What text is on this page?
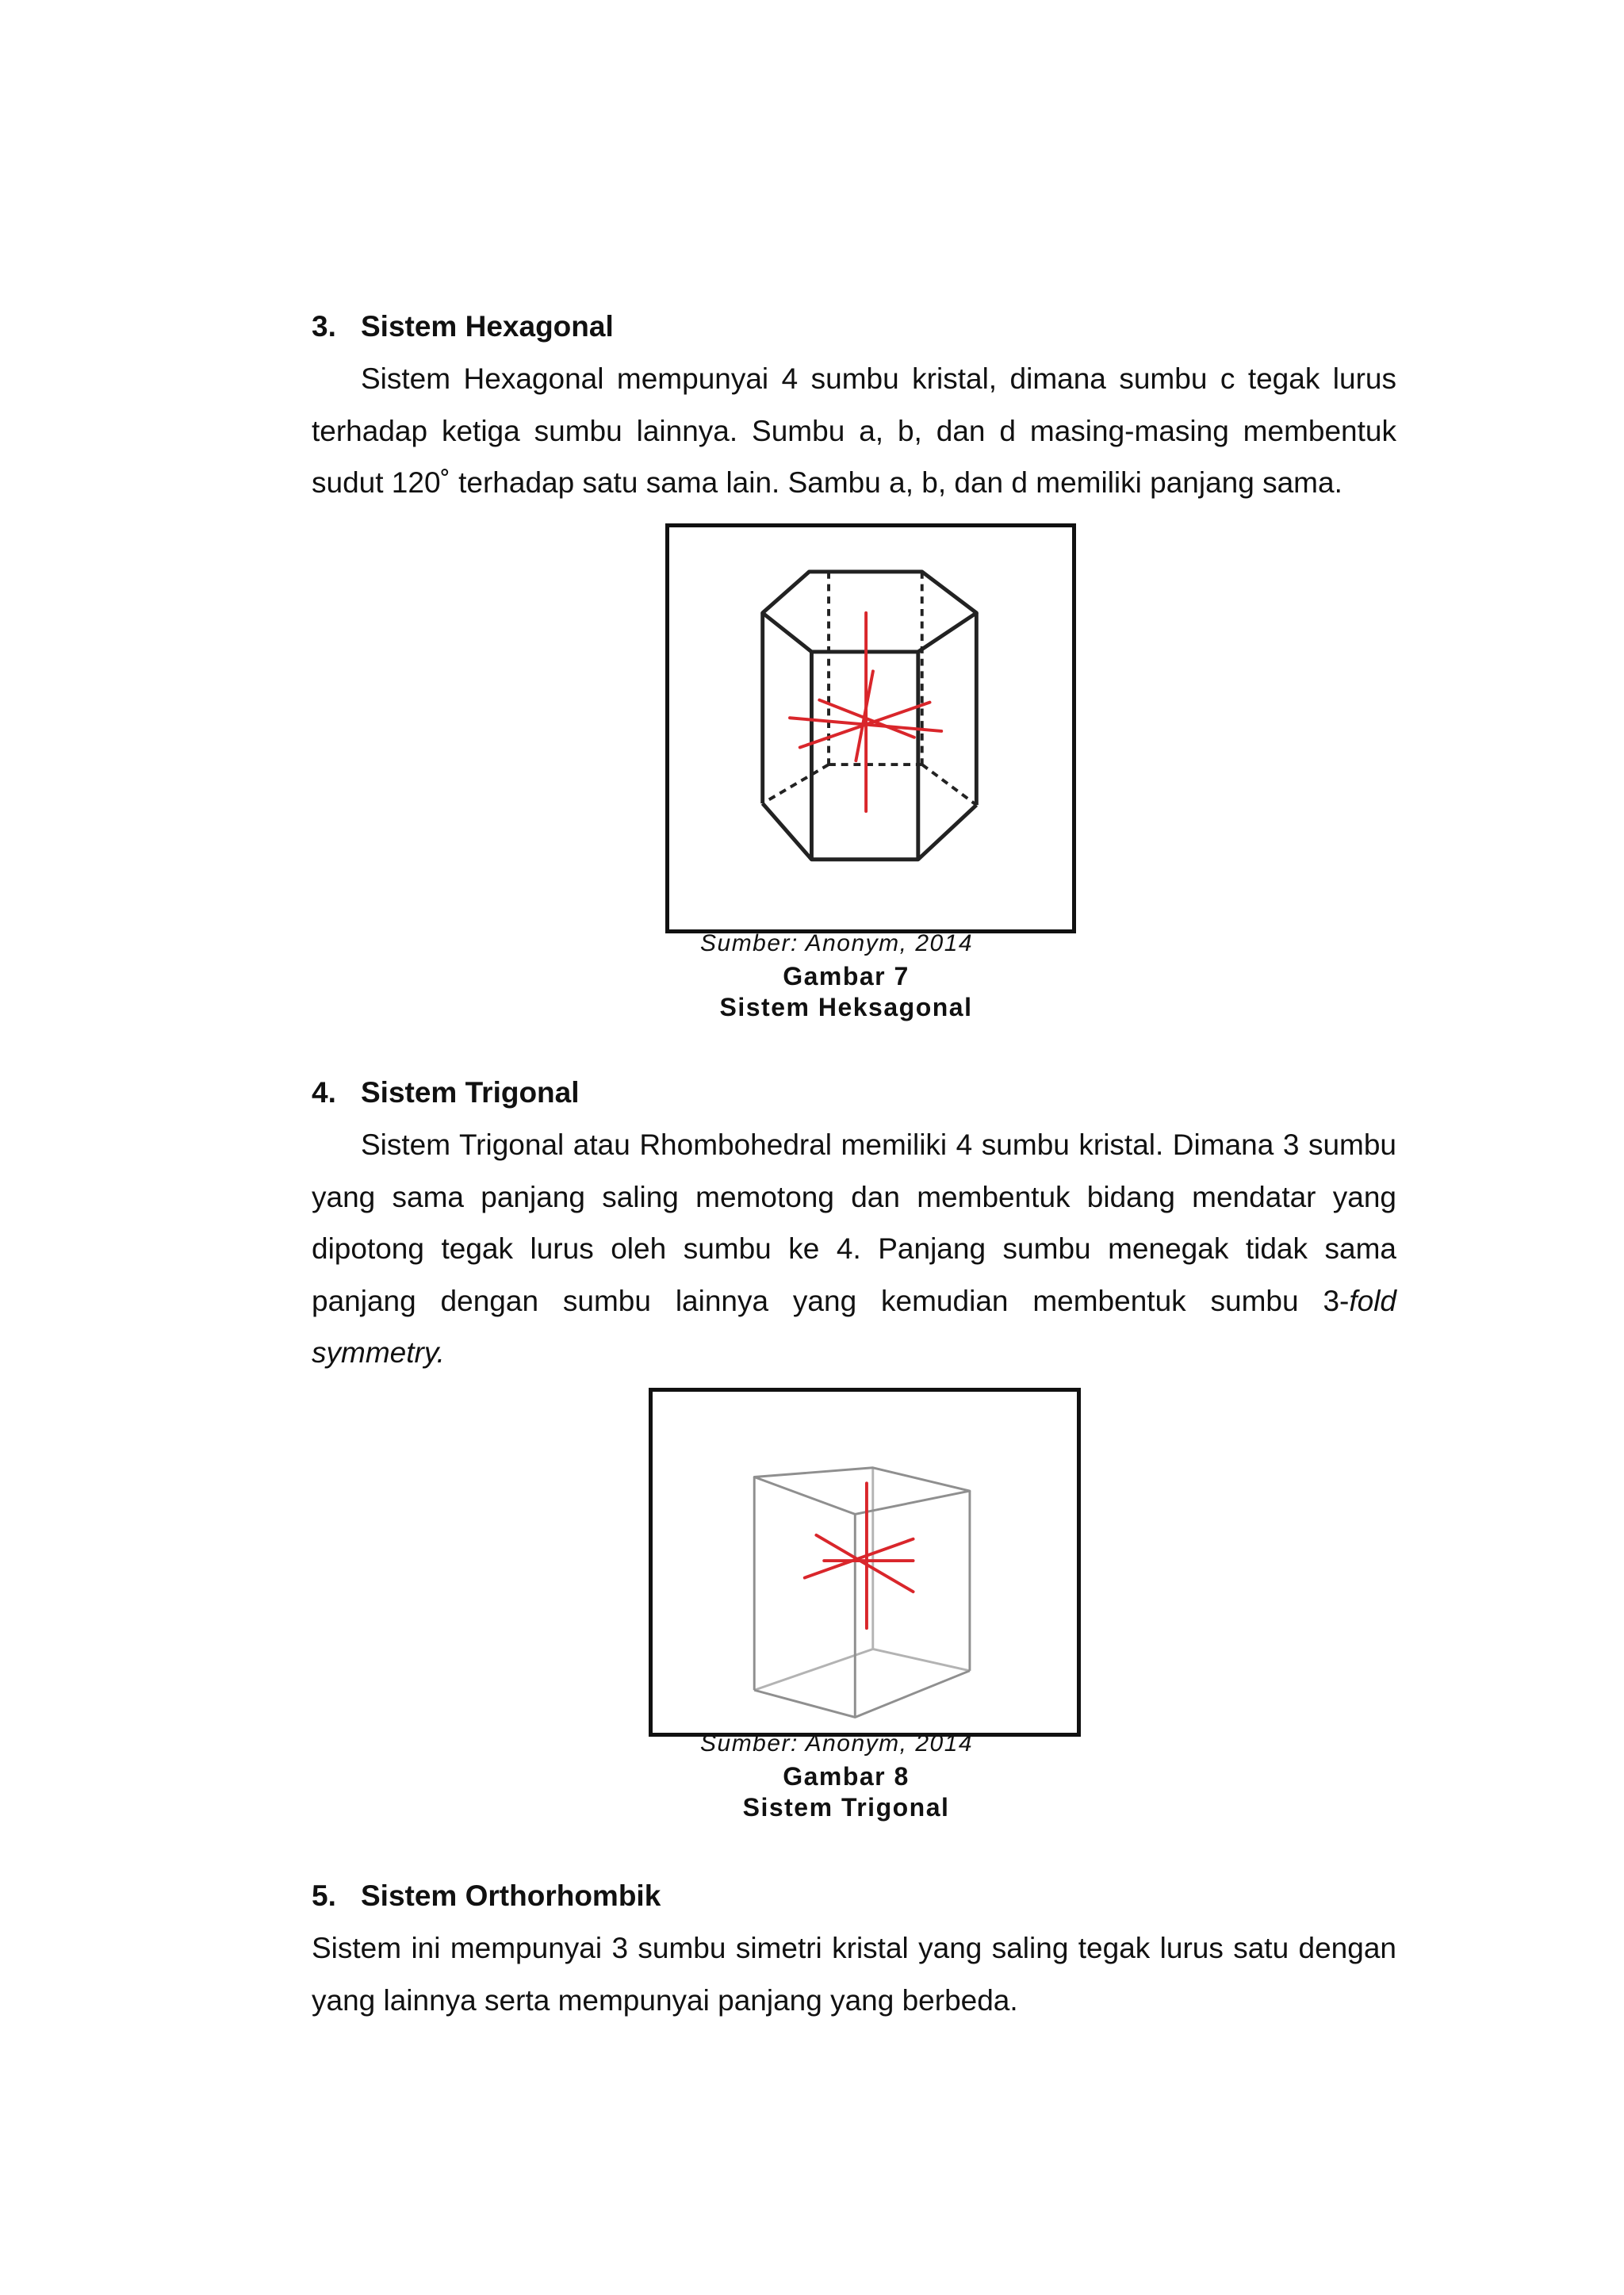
3. Sistem Hexagonal

Sistem Hexagonal mempunyai 4 sumbu kristal, dimana sumbu c tegak lurus terhadap ketiga sumbu lainnya. Sumbu a, b, dan d masing-masing membentuk sudut 120˚ terhadap satu sama lain. Sambu a, b, dan d memiliki panjang sama.

Sumber: Anonym, 2014

Gambar 7

Sistem Heksagonal

4. Sistem Trigonal

Sistem Trigonal atau Rhombohedral memiliki 4 sumbu kristal. Dimana 3 sumbu yang sama panjang saling memotong dan membentuk bidang mendatar yang dipotong tegak lurus oleh sumbu ke 4. Panjang sumbu menegak tidak sama panjang dengan sumbu lainnya yang kemudian membentuk sumbu 3-fold symmetry.

Sumber: Anonym, 2014

Gambar 8

Sistem Trigonal

5. Sistem Orthorhombik

Sistem ini mempunyai 3 sumbu simetri kristal yang saling tegak lurus satu dengan yang lainnya serta mempunyai panjang yang berbeda.
